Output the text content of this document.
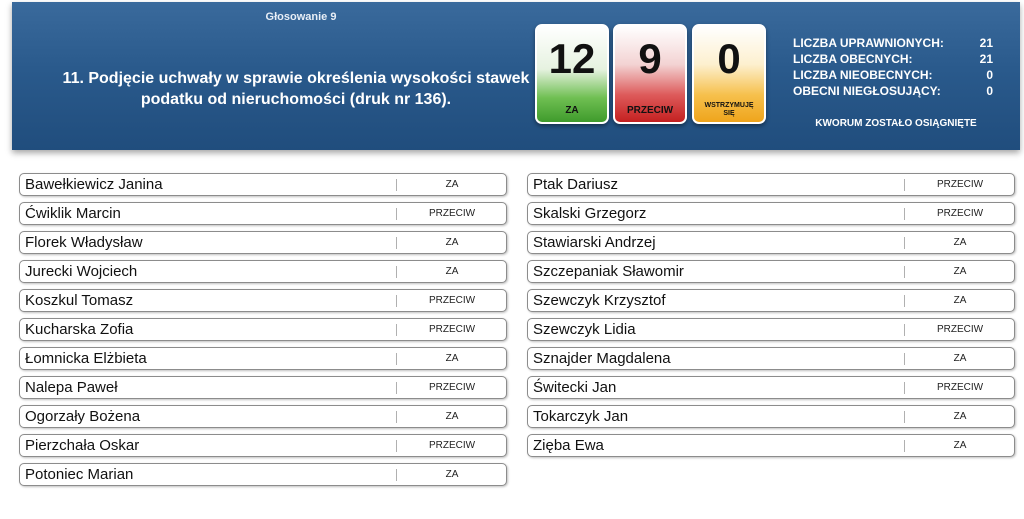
Głosowanie 9
11. Podjęcie uchwały w sprawie określenia wysokości stawek
podatku od nieruchomości (druk nr 136).
12
ZA
9
PRZECIW
0
WSTRZYMUJĘ SIĘ
LICZBA UPRAWNIONYCH:	21
LICZBA OBECNYCH:	21
LICZBA NIEOBECNYCH:	0
OBECNI NIEGŁOSUJĄCY:	0
KWORUM ZOSTAŁO OSIĄGNIĘTE
Bawełkiewicz Janina	ZA
Ćwiklik Marcin	PRZECIW
Florek Władysław	ZA
Jurecki Wojciech	ZA
Koszkul Tomasz	PRZECIW
Kucharska Zofia	PRZECIW
Łomnicka Elżbieta	ZA
Nalepa Paweł	PRZECIW
Ogorzały Bożena	ZA
Pierzchała Oskar	PRZECIW
Potoniec Marian	ZA
Ptak Dariusz	PRZECIW
Skalski Grzegorz	PRZECIW
Stawiarski Andrzej	ZA
Szczepaniak Sławomir	ZA
Szewczyk Krzysztof	ZA
Szewczyk Lidia	PRZECIW
Sznajder Magdalena	ZA
Świtecki Jan	PRZECIW
Tokarczyk Jan	ZA
Zięba Ewa	ZA
